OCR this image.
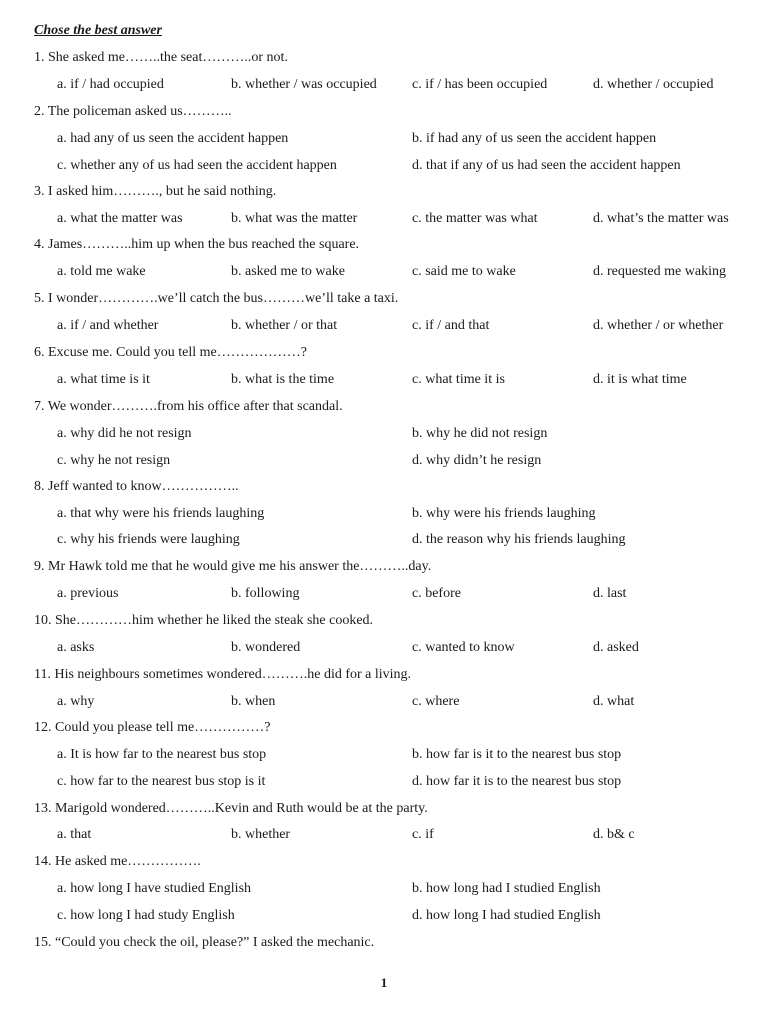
Chose the best answer
1. She asked me……..the seat………..or not.
a. if / had occupied	b. whether / was occupied	c. if / has been occupied	d. whether / occupied
2. The policeman asked us………..
a. had any of us seen the accident happen	b. if had any of us seen the accident happen
c. whether any of us had seen the accident happen	d. that if any of us had seen the accident happen
3. I asked him………., but he said nothing.
a. what the matter was	b. what was the matter	c. the matter was what	d. what’s the matter was
4. James………..him up when the bus reached the square.
a. told me wake	b. asked me to wake	c. said me to wake	d. requested me waking
5. I wonder………….we’ll catch the bus………we’ll take a taxi.
a. if / and whether	b. whether / or that	c. if / and that	d. whether / or whether
6. Excuse me. Could you tell me………………?
a. what time is it	b. what is the time	c. what time it is	d. it is what time
7. We wonder……….from his office after that scandal.
a. why did he not resign	b. why he did not resign
c. why he not resign	d. why didn’t he resign
8. Jeff wanted to know……………..
a. that why were his friends laughing	b. why were his friends laughing
c. why his friends were laughing	d. the reason why his friends laughing
9. Mr Hawk told me that he would give me his answer the………..day.
a. previous	b. following	c. before	d. last
10. She…………him whether he liked the steak she cooked.
a. asks	b. wondered	c. wanted to know	d. asked
11. His neighbours sometimes wondered……….he did for a living.
a. why	b. when	c. where	d. what
12. Could you please tell me……………?
a. It is how far to the nearest bus stop	b. how far is it to the nearest bus stop
c. how far to the nearest bus stop is it	d. how far it is to the nearest bus stop
13. Marigold wondered………..Kevin and Ruth would be at the party.
a. that	b. whether	c. if	d. b& c
14. He asked me…………….
a. how long I have studied English	b. how long had I studied English
c. how long I had study English	d. how long I had studied English
15. “Could you check the oil, please?” I asked the mechanic.
1
